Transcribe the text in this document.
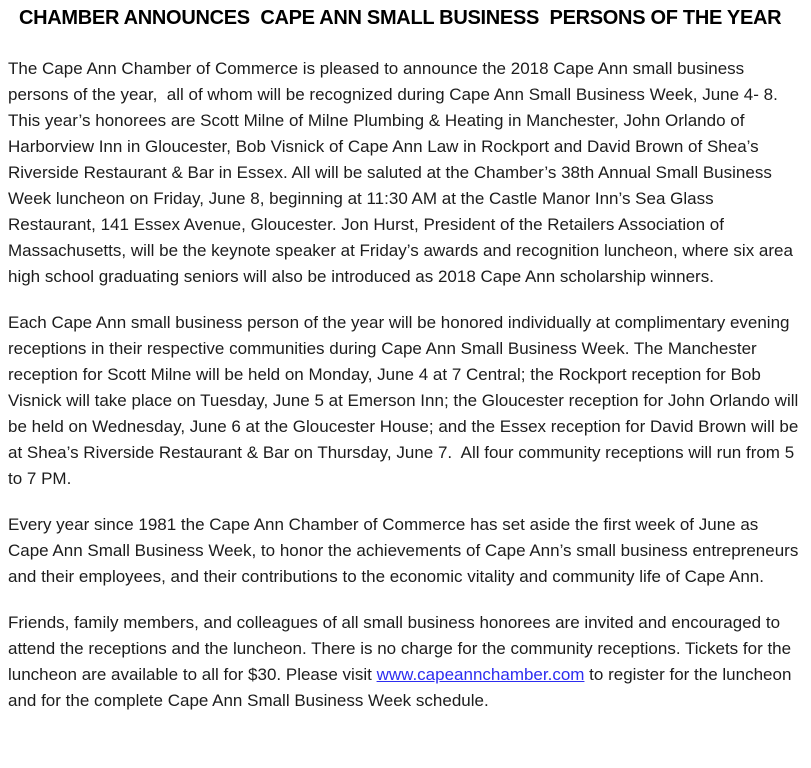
CHAMBER ANNOUNCES  CAPE ANN SMALL BUSINESS  PERSONS OF THE YEAR

The Cape Ann Chamber of Commerce is pleased to announce the 2018 Cape Ann small business persons of the year,  all of whom will be recognized during Cape Ann Small Business Week, June 4- 8. This year’s honorees are Scott Milne of Milne Plumbing & Heating in Manchester, John Orlando of Harborview Inn in Gloucester, Bob Visnick of Cape Ann Law in Rockport and David Brown of Shea’s Riverside Restaurant & Bar in Essex. All will be saluted at the Chamber’s 38th Annual Small Business Week luncheon on Friday, June 8, beginning at 11:30 AM at the Castle Manor Inn’s Sea Glass Restaurant, 141 Essex Avenue, Gloucester. Jon Hurst, President of the Retailers Association of Massachusetts, will be the keynote speaker at Friday’s awards and recognition luncheon, where six area high school graduating seniors will also be introduced as 2018 Cape Ann scholarship winners.

Each Cape Ann small business person of the year will be honored individually at complimentary evening receptions in their respective communities during Cape Ann Small Business Week. The Manchester reception for Scott Milne will be held on Monday, June 4 at 7 Central; the Rockport reception for Bob Visnick will take place on Tuesday, June 5 at Emerson Inn; the Gloucester reception for John Orlando will be held on Wednesday, June 6 at the Gloucester House; and the Essex reception for David Brown will be at Shea’s Riverside Restaurant & Bar on Thursday, June 7.  All four community receptions will run from 5 to 7 PM.

Every year since 1981 the Cape Ann Chamber of Commerce has set aside the first week of June as Cape Ann Small Business Week, to honor the achievements of Cape Ann’s small business entrepreneurs and their employees, and their contributions to the economic vitality and community life of Cape Ann.

Friends, family members, and colleagues of all small business honorees are invited and encouraged to attend the receptions and the luncheon. There is no charge for the community receptions. Tickets for the luncheon are available to all for $30. Please visit www.capeannchamber.com to register for the luncheon and for the complete Cape Ann Small Business Week schedule.
